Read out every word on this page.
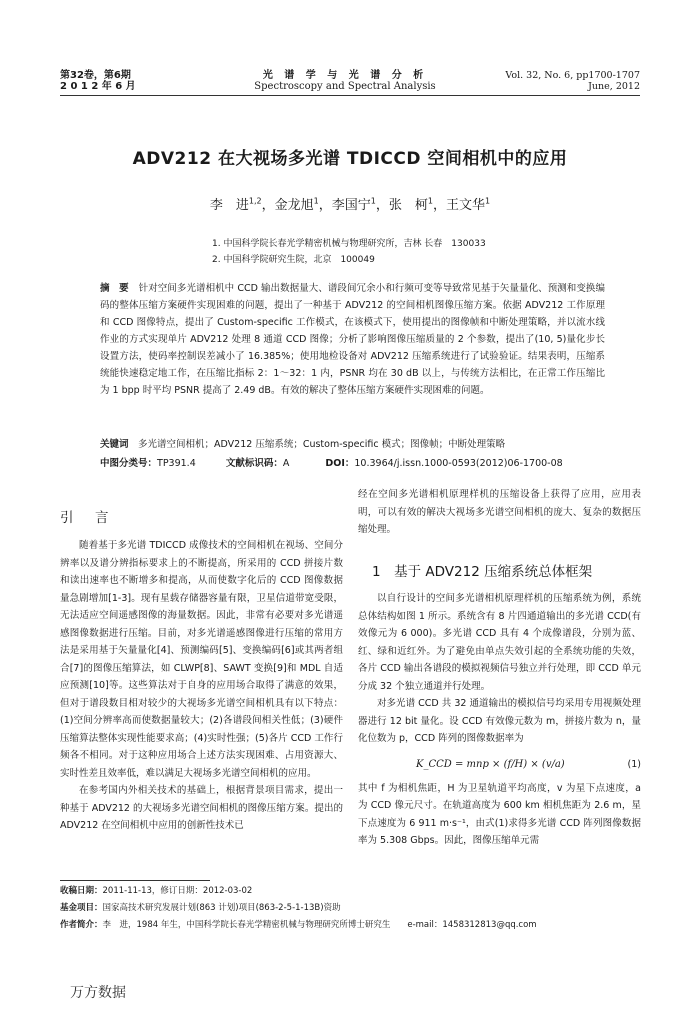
第32卷，第6期
2 0 1 2 年 6 月
光 谱 学 与 光 谱 分 析
Spectroscopy and Spectral Analysis
Vol. 32, No. 6, pp1700-1707
June, 2012
ADV212 在大视场多光谱 TDICCD 空间相机中的应用
李　进$^{1,2}$，金龙旭$^1$，李国宁$^1$，张　柯$^1$，王文华$^1$
1. 中国科学院长春光学精密机械与物理研究所，吉林 长春　130033
2. 中国科学院研究生院，北京　100049
摘　要 针对空间多光谱相机中 CCD 输出数据量大、谱段间冗余小和行频可变等导致常见基于矢量量化、预测和变换编码的整体压缩方案硬件实现困难的问题，提出了一种基于 ADV212 的空间相机图像压缩方案。依据 ADV212 工作原理和 CCD 图像特点，提出了 Custom-specific 工作模式，在该模式下，使用提出的图像帧和中断处理策略，并以流水线作业的方式实现单片 ADV212 处理 8 通道 CCD 图像；分析了影响图像压缩质量的 2 个参数，提出了(10, 5)量化步长设置方法，使码率控制误差减小了 16.385%；使用地检设备对 ADV212 压缩系统进行了试验验证。结果表明，压缩系统能快速稳定地工作，在压缩比指标 2：1～32：1 内，PSNR 均在 30 dB 以上，与传统方法相比，在正常工作压缩比为 1 bpp 时平均 PSNR 提高了 2.49 dB。有效的解决了整体压缩方案硬件实现困难的问题。
关键词　 多光谱空间相机；ADV212 压缩系统；Custom-specific 模式；图像帧；中断处理策略
中图分类号：TP391.4	文献标识码：A	DOI：10.3964/j.issn.1000-0593(2012)06-1700-08
引　言

随着基于多光谱 TDICCD 成像技术的空间相机在视场、空间分辨率以及谱分辨指标要求上的不断提高，所采用的 CCD 拼接片数和读出速率也不断增多和提高，从而使数字化后的 CCD 图像数据量急剧增加[1-3]。现有星载存储器容量有限，卫星信道带宽受限，无法适应空间遥感图像的海量数据。因此，非常有必要对多光谱遥感图像数据进行压缩。目前，对多光谱遥感图像进行压缩的常用方法是采用基于矢量量化[4]、预测编码[5]、变换编码[6]或其两者组合[7]的图像压缩算法，如 CLWP[8]、SAWT 变换[9]和 MDL 自适应预测[10]等。这些算法对于自身的应用场合取得了满意的效果，但对于谱段数目相对较少的大视场多光谱空间相机具有以下特点：(1)空间分辨率高而使数据量较大；(2)各谱段间相关性低；(3)硬件压缩算法整体实现性能要求高；(4)实时性强；(5)各片 CCD 工作行频各不相同。对于这种应用场合上述方法实现困难、占用资源大、实时性差且效率低，难以满足大视场多光谱空间相机的应用。

在参考国内外相关技术的基础上，根据背景项目需求，提出一种基于 ADV212 的大视场多光谱空间相机的图像压缩方案。提出的 ADV212 在空间相机中应用的创新性技术已

经在空间多光谱相机原理样机的压缩设备上获得了应用，应用表明，可以有效的解决大视场多光谱空间相机的庞大、复杂的数据压缩处理。

1　 基于 ADV212 压缩系统总体框架

以自行设计的空间多光谱相机原理样机的压缩系统为例，系统总体结构如图 1 所示。系统含有 8 片四通道输出的多光谱 CCD(有效像元为 6 000)。多光谱 CCD 具有 4 个成像谱段，分别为蓝、红、绿和近红外。为了避免由单点失效引起的全系统功能的失效，各片 CCD 输出各谱段的模拟视频信号独立并行处理，即 CCD 单元分成 32 个独立通道并行处理。

对多光谱 CCD 共 32 通道输出的模拟信号均采用专用视频处理器进行 12 bit 量化。设 CCD 有效像元数为 m，拼接片数为 n，量化位数为 p，CCD 阵列的图像数据率为

K_CCD = mnp × (f/H) × (v/a)	(1)

其中 f 为相机焦距，H 为卫星轨道平均高度，v 为星下点速度，a 为 CCD 像元尺寸。在轨道高度为 600 km 相机焦距为 2.6 m，星下点速度为 6 911 m·s⁻¹，由式(1)求得多光谱 CCD 阵列图像数据率为 5.308 Gbps。因此，图像压缩单元需

收稿日期：2011-11-13，修订日期：2012-03-02
基金项目：国家高技术研究发展计划(863 计划)项目(863-2-5-1-13B)资助
作者简介：李　进，1984 年生，中国科学院长春光学精密机械与物理研究所博士研究生　　e-mail：1458312813@qq.com
万方数据
